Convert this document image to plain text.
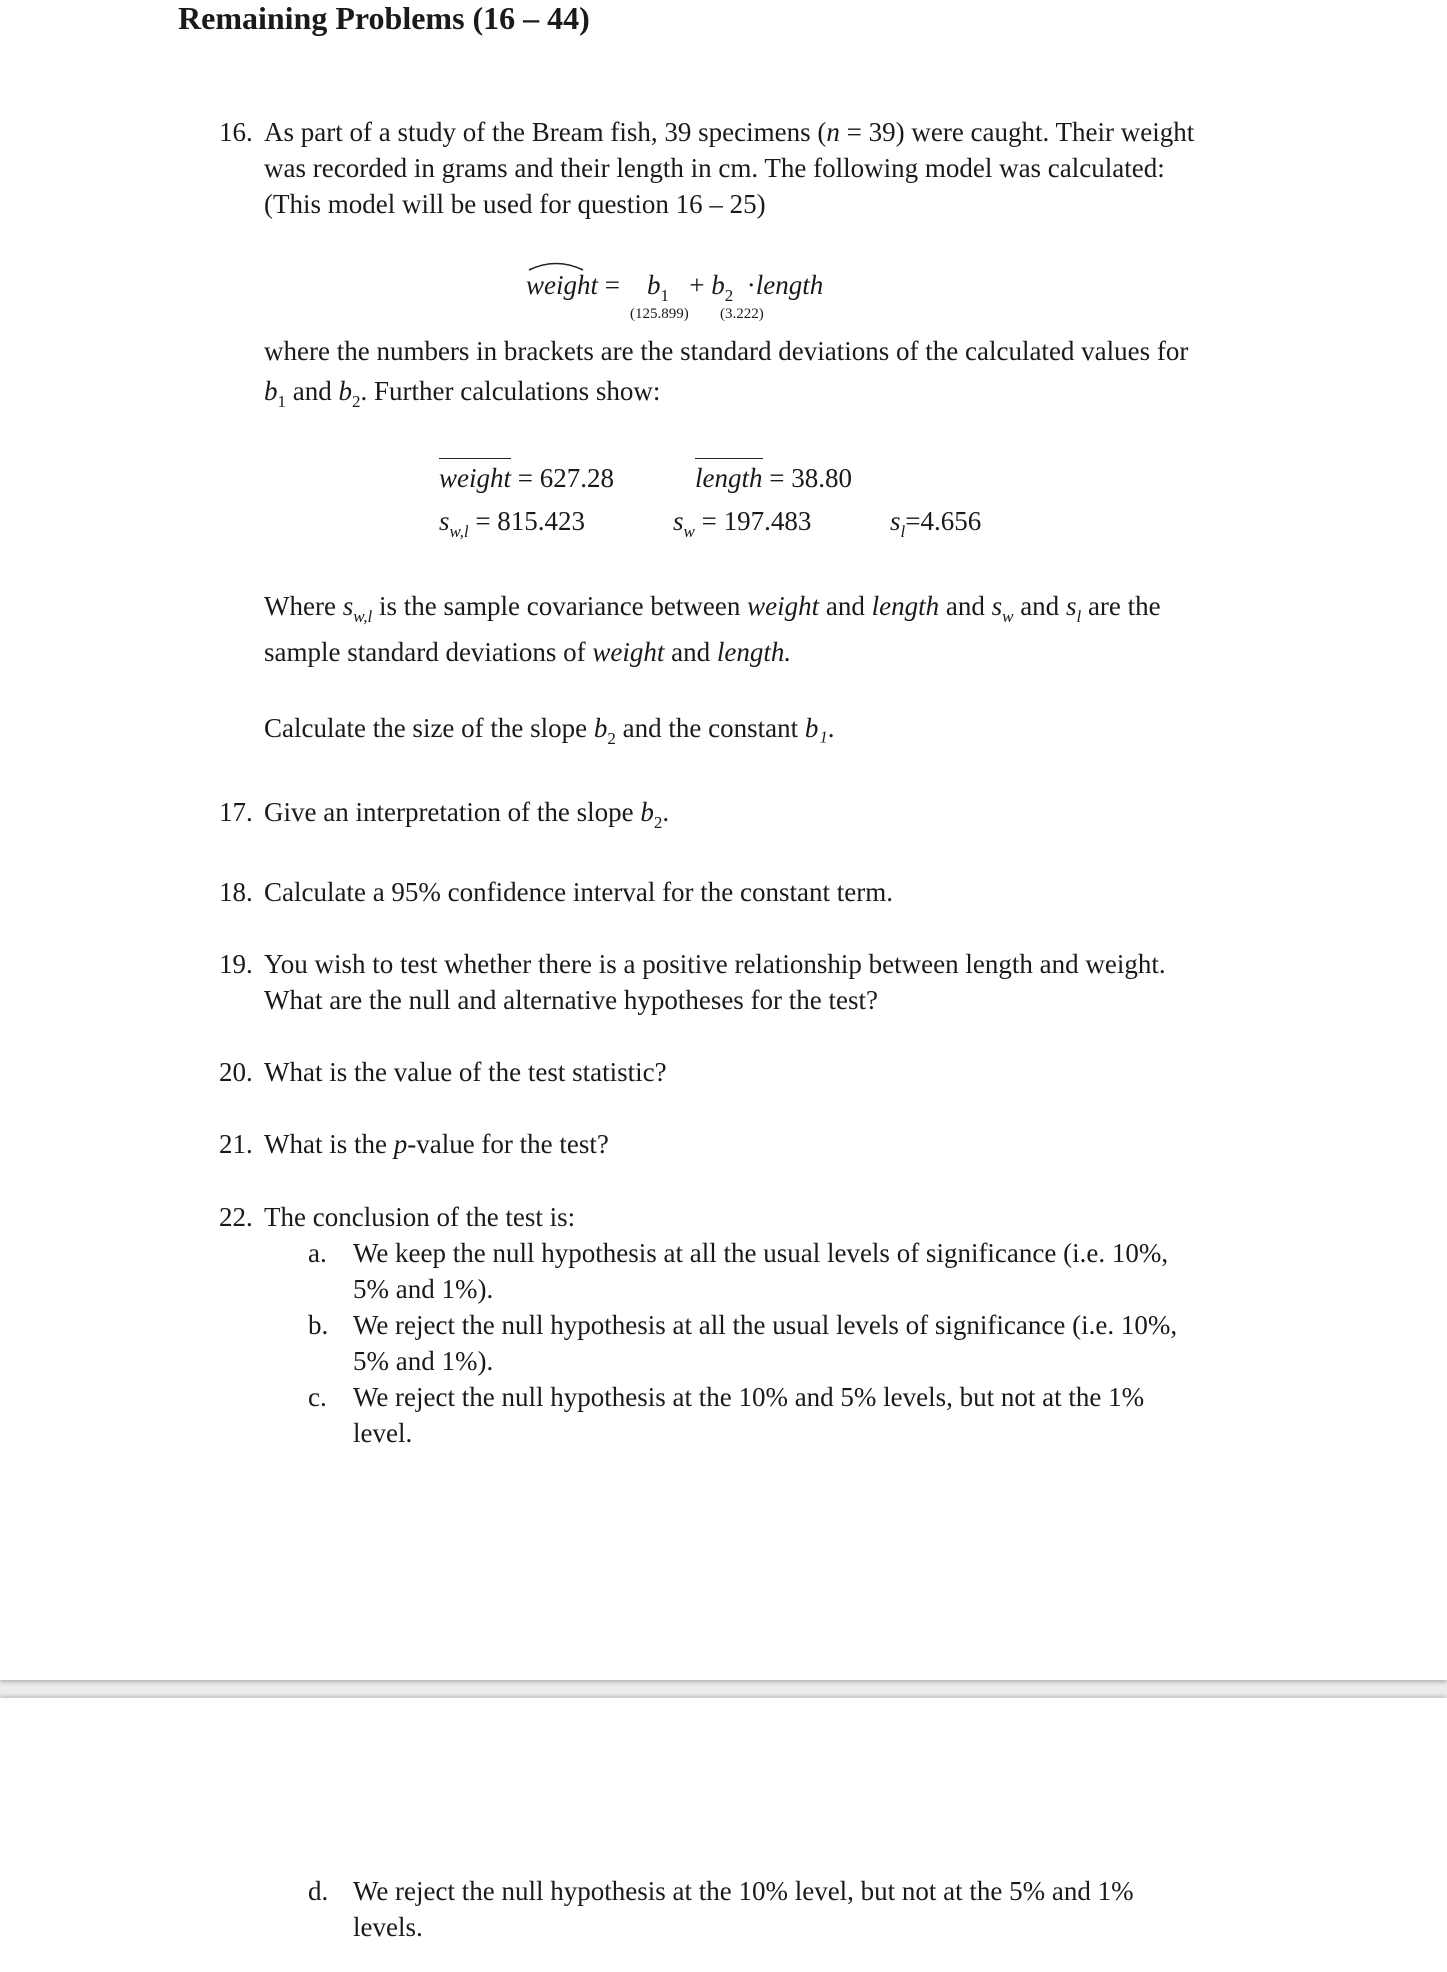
Remaining Problems (16 – 44)
16. As part of a study of the Bream fish, 39 specimens (n = 39) were caught. Their weight
was recorded in grams and their length in cm. The following model was calculated:
(This model will be used for question 16 – 25)
weight =    $b_1 + b_2$  ·length
(125.899) (3.222)
where the numbers in brackets are the standard deviations of the calculated values for
$b_1$ and $b_2$. Further calculations show:
weight = 627.28	length = 38.80
$s_{w,l} = 815.423$	$s_w = 197.483$	$s_l=4.656$
Where $s_{w,l}$ is the sample covariance between weight and length and $s_w$ and $s_l$ are the
sample standard deviations of weight and length.
Calculate the size of the slope $b_2$ and the constant b₁.
17. Give an interpretation of the slope $b_2$.
18. Calculate a 95% confidence interval for the constant term.
19. You wish to test whether there is a positive relationship between length and weight.
What are the null and alternative hypotheses for the test?
20. What is the value of the test statistic?
21. What is the p-value for the test?
22. The conclusion of the test is:
a. We keep the null hypothesis at all the usual levels of significance (i.e. 10%,
5% and 1%).
b. We reject the null hypothesis at all the usual levels of significance (i.e. 10%,
5% and 1%).
c. We reject the null hypothesis at the 10% and 5% levels, but not at the 1%
level.
d. We reject the null hypothesis at the 10% level, but not at the 5% and 1%
levels.
